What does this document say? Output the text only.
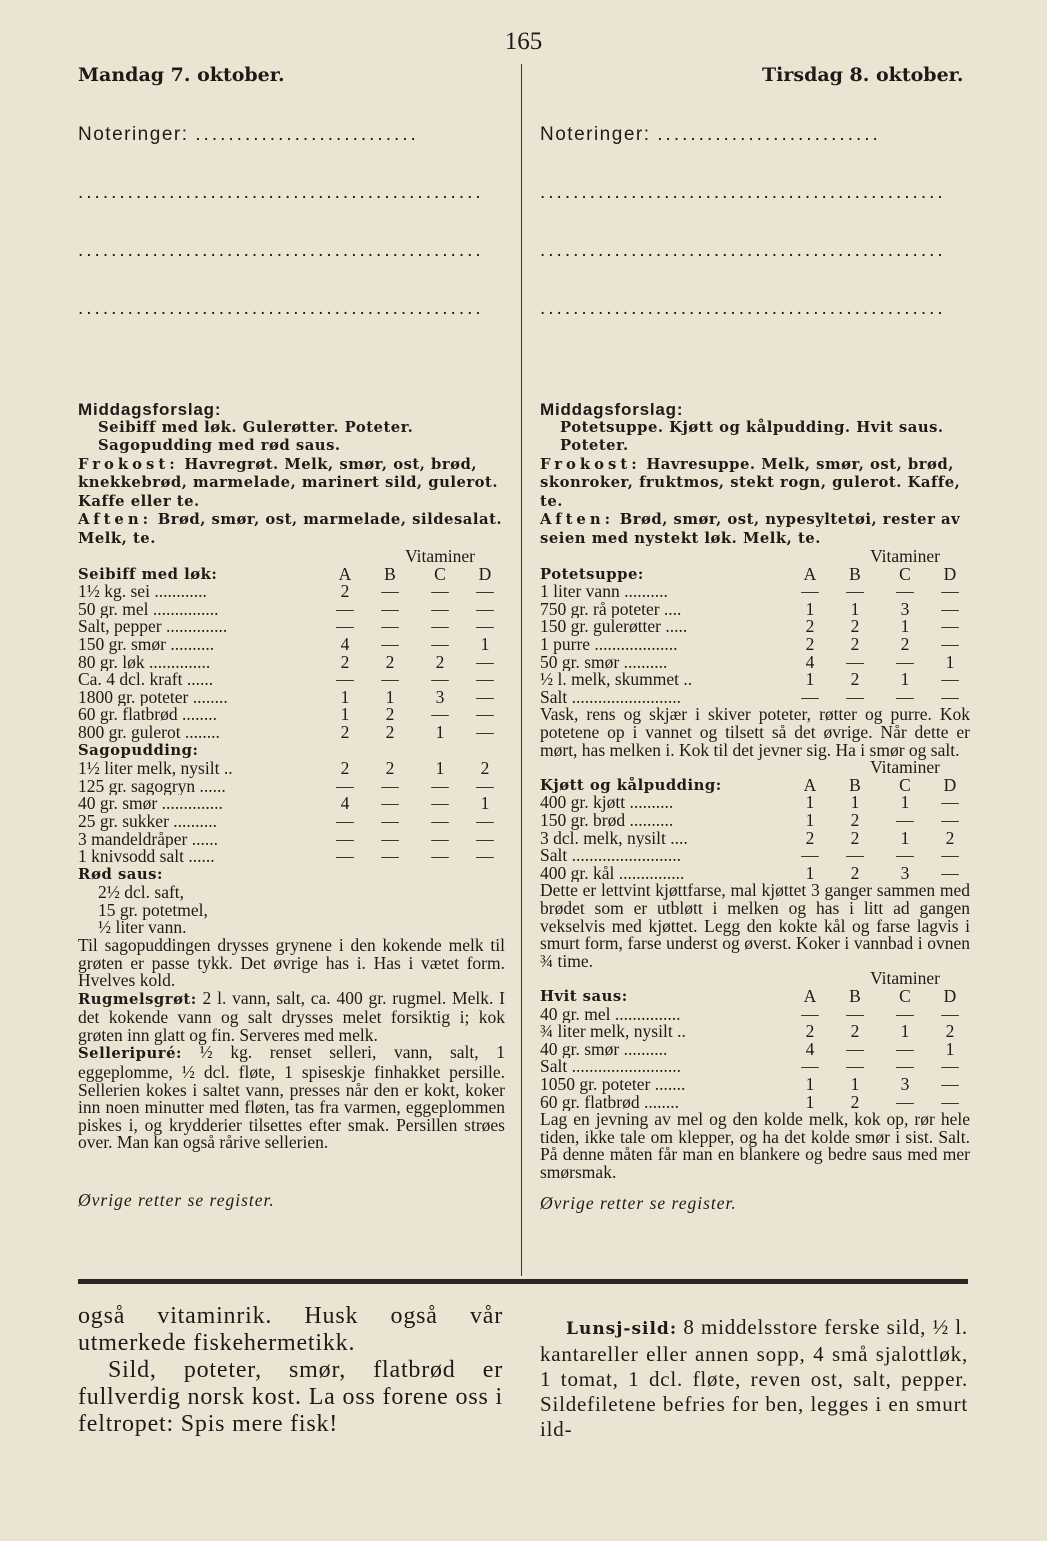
165
Mandag 7. oktober.	Tirsdag 8. oktober.
Noteringer: ...........................
.................................................
.................................................
.................................................

Middagsforslag:

Seibiff med løk. Gulerøtter. Poteter. Sagopudding med rød saus.

Frokost: Havregrøt. Melk, smør, ost, brød, knekkebrød, marmelade, marinert sild, gulerot. Kaffe eller te.

Aften: Brød, smør, ost, marmelade, sildesalat. Melk, te.

Vitaminer

Seibiff med løk:	A	B	C	D
1½ kg. sei ............	2	—	—	—
50 gr. mel ...............	—	—	—	—
Salt, pepper ..............	—	—	—	—
150 gr. smør ..........	4	—	—	1
80 gr. løk ..............	2	2	2	—
Ca. 4 dcl. kraft ......	—	—	—	—
1800 gr. poteter ........	1	1	3	—
60 gr. flatbrød ........	1	2	—	—
800 gr. gulerot ........	2	2	1	—

Sagopudding:

1½ liter melk, nysilt ..	2	2	1	2
125 gr. sagogryn ......	—	—	—	—
40 gr. smør ..............	4	—	—	1
25 gr. sukker ..........	—	—	—	—
3 mandeldråper ......	—	—	—	—
1 knivsodd salt ......	—	—	—	—

Rød saus:

2½ dcl. saft,

15 gr. potetmel,

½ liter vann.

Til sagopuddingen drysses grynene i den kokende melk til grøten er passe tykk. Det øvrige has i. Has i vætet form. Hvelves kold.

Rugmelsgrøt: 2 l. vann, salt, ca. 400 gr. rugmel. Melk. I det kokende vann og salt drysses melet forsiktig i; kok grøten inn glatt og fin. Serveres med melk.

Selleripuré: ½ kg. renset selleri, vann, salt, 1 eggeplomme, ½ dcl. fløte, 1 spiseskje finhakket persille. Sellerien kokes i saltet vann, presses når den er kokt, koker inn noen minutter med fløten, tas fra varmen, eggeplommen piskes i, og krydderier tilsettes efter smak. Persillen strøes over. Man kan også rårive sellerien.

Øvrige retter se register.

Noteringer: ...........................
.................................................
.................................................
.................................................

Middagsforslag:

Potetsuppe. Kjøtt og kålpudding. Hvit saus. Poteter.

Frokost: Havresuppe. Melk, smør, ost, brød, skonroker, fruktmos, stekt rogn, gulerot. Kaffe, te.

Aften: Brød, smør, ost, nypesyltetøi, rester av seien med nystekt løk. Melk, te.

Vitaminer

Potetsuppe:	A	B	C	D
1 liter vann ..........	—	—	—	—
750 gr. rå poteter ....	1	1	3	—
150 gr. gulerøtter .....	2	2	1	—
1 purre ...................	2	2	2	—
50 gr. smør ..........	4	—	—	1
½ l. melk, skummet ..	1	2	1	—
Salt .........................	—	—	—	—

Vask, rens og skjær i skiver poteter, røtter og purre. Kok potetene op i vannet og tilsett så det øvrige. Når dette er mørt, has melken i. Kok til det jevner sig. Ha i smør og salt.

Vitaminer

Kjøtt og kålpudding:	A	B	C	D
400 gr. kjøtt ..........	1	1	1	—
150 gr. brød ..........	1	2	—	—
3 dcl. melk, nysilt ....	2	2	1	2
Salt .........................	—	—	—	—
400 gr. kål ...............	1	2	3	—

Dette er lettvint kjøttfarse, mal kjøttet 3 ganger sammen med brødet som er utbløtt i melken og has i litt ad gangen vekselvis med kjøttet. Legg den kokte kål og farse lagvis i smurt form, farse underst og øverst. Koker i vannbad i ovnen ¾ time.

Vitaminer

Hvit saus:	A	B	C	D
40 gr. mel ...............	—	—	—	—
¾ liter melk, nysilt ..	2	2	1	2
40 gr. smør ..........	4	—	—	1
Salt .........................	—	—	—	—
1050 gr. poteter .......	1	1	3	—
60 gr. flatbrød ........	1	2	—	—

Lag en jevning av mel og den kolde melk, kok op, rør hele tiden, ikke tale om klepper, og ha det kolde smør i sist. Salt. På denne måten får man en blankere og bedre saus med mer smørsmak.

Øvrige retter se register.

også vitaminrik. Husk også vår utmerkede fiskehermetikk.

Sild, poteter, smør, flatbrød er fullverdig norsk kost. La oss forene oss i feltropet: Spis mere fisk!

Lunsj-sild: 8 middelsstore ferske sild, ½ l. kantareller eller annen sopp, 4 små sjalottløk, 1 tomat, 1 dcl. fløte, reven ost, salt, pepper. Sildefiletene befries for ben, legges i en smurt ild-
